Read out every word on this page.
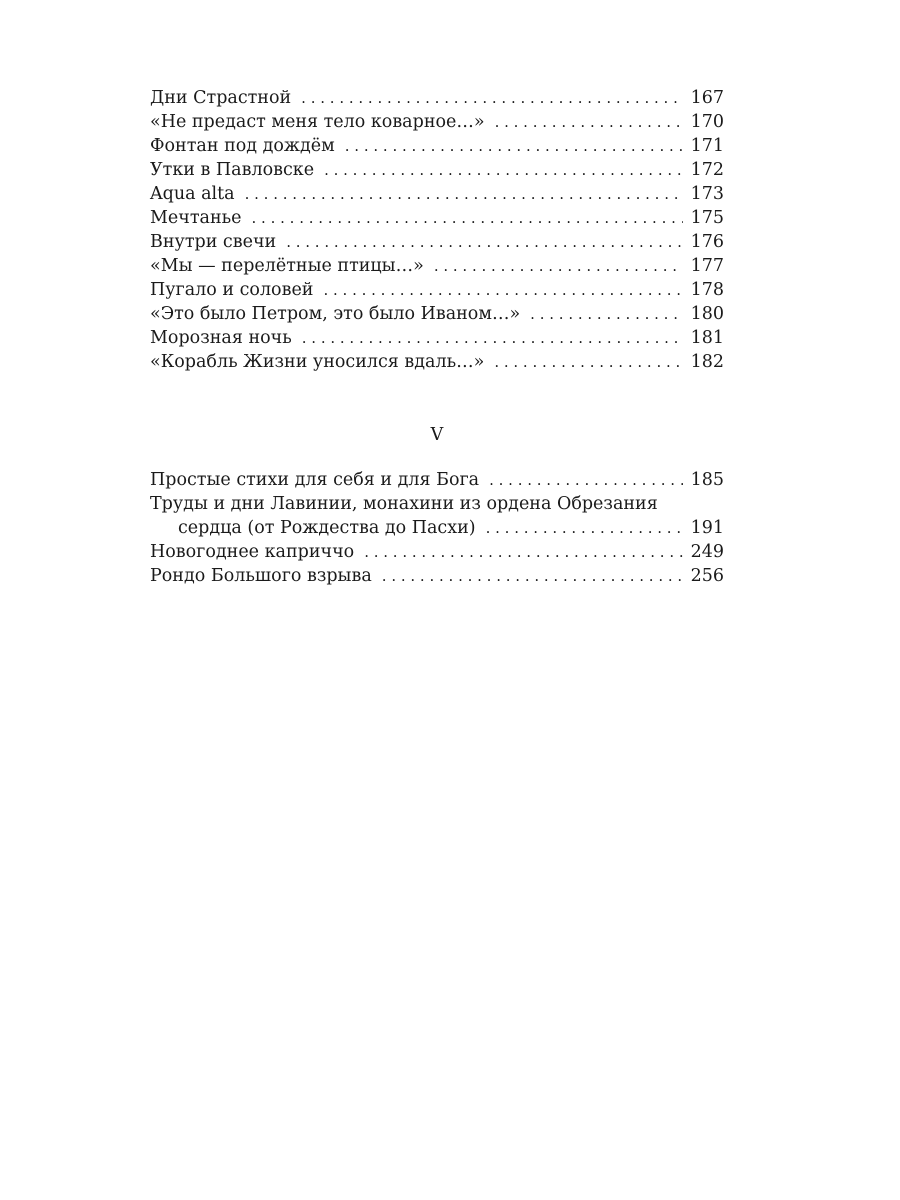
Дни Страстной . . .	167
«Не предаст меня тело коварное…» . . .	170
Фонтан под дождём . . .	171
Утки в Павловске . . .	172
Aqua alta . . .	173
Мечтанье . . .	175
Внутри свечи . . .	176
«Мы — перелётные птицы…» . . .	177
Пугало и соловей . . .	178
«Это было Петром, это было Иваном…» . . .	180
Морозная ночь . . .	181
«Корабль Жизни уносился вдаль…» . . .	182
V
Простые стихи для себя и для Бога . . .	185
Труды и дни Лавинии, монахини из ордена Обрезания
сердца (от Рождества до Пасхи) . . .	191
Новогоднее каприччо . . .	249
Рондо Большого взрыва . . .	256
